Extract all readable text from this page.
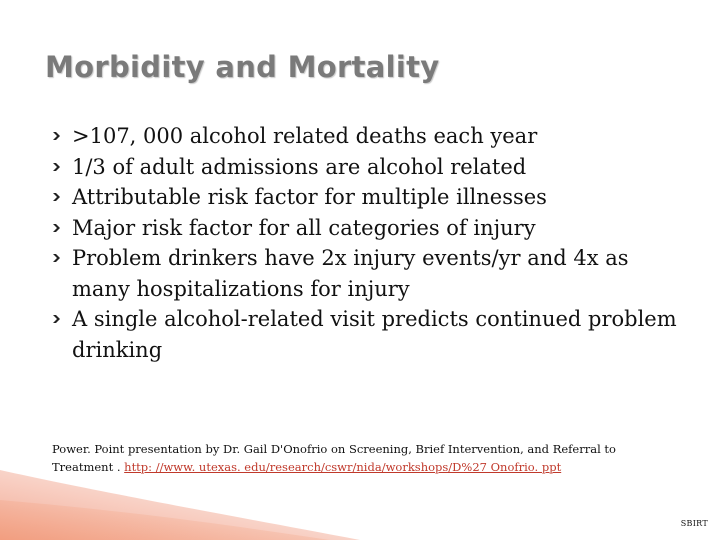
Morbidity and Mortality
>107, 000 alcohol related deaths each year
1/3 of adult admissions are alcohol related
Attributable risk factor for multiple illnesses
Major risk factor for all categories of injury
Problem drinkers have 2x injury events/yr and 4x as many hospitalizations for injury
A single alcohol-related visit predicts continued problem drinking
Power. Point presentation by Dr. Gail D'Onofrio on Screening, Brief Intervention, and Referral to Treatment . http: //www. utexas. edu/research/cswr/nida/workshops/D%27 Onofrio. ppt
SBIRT
